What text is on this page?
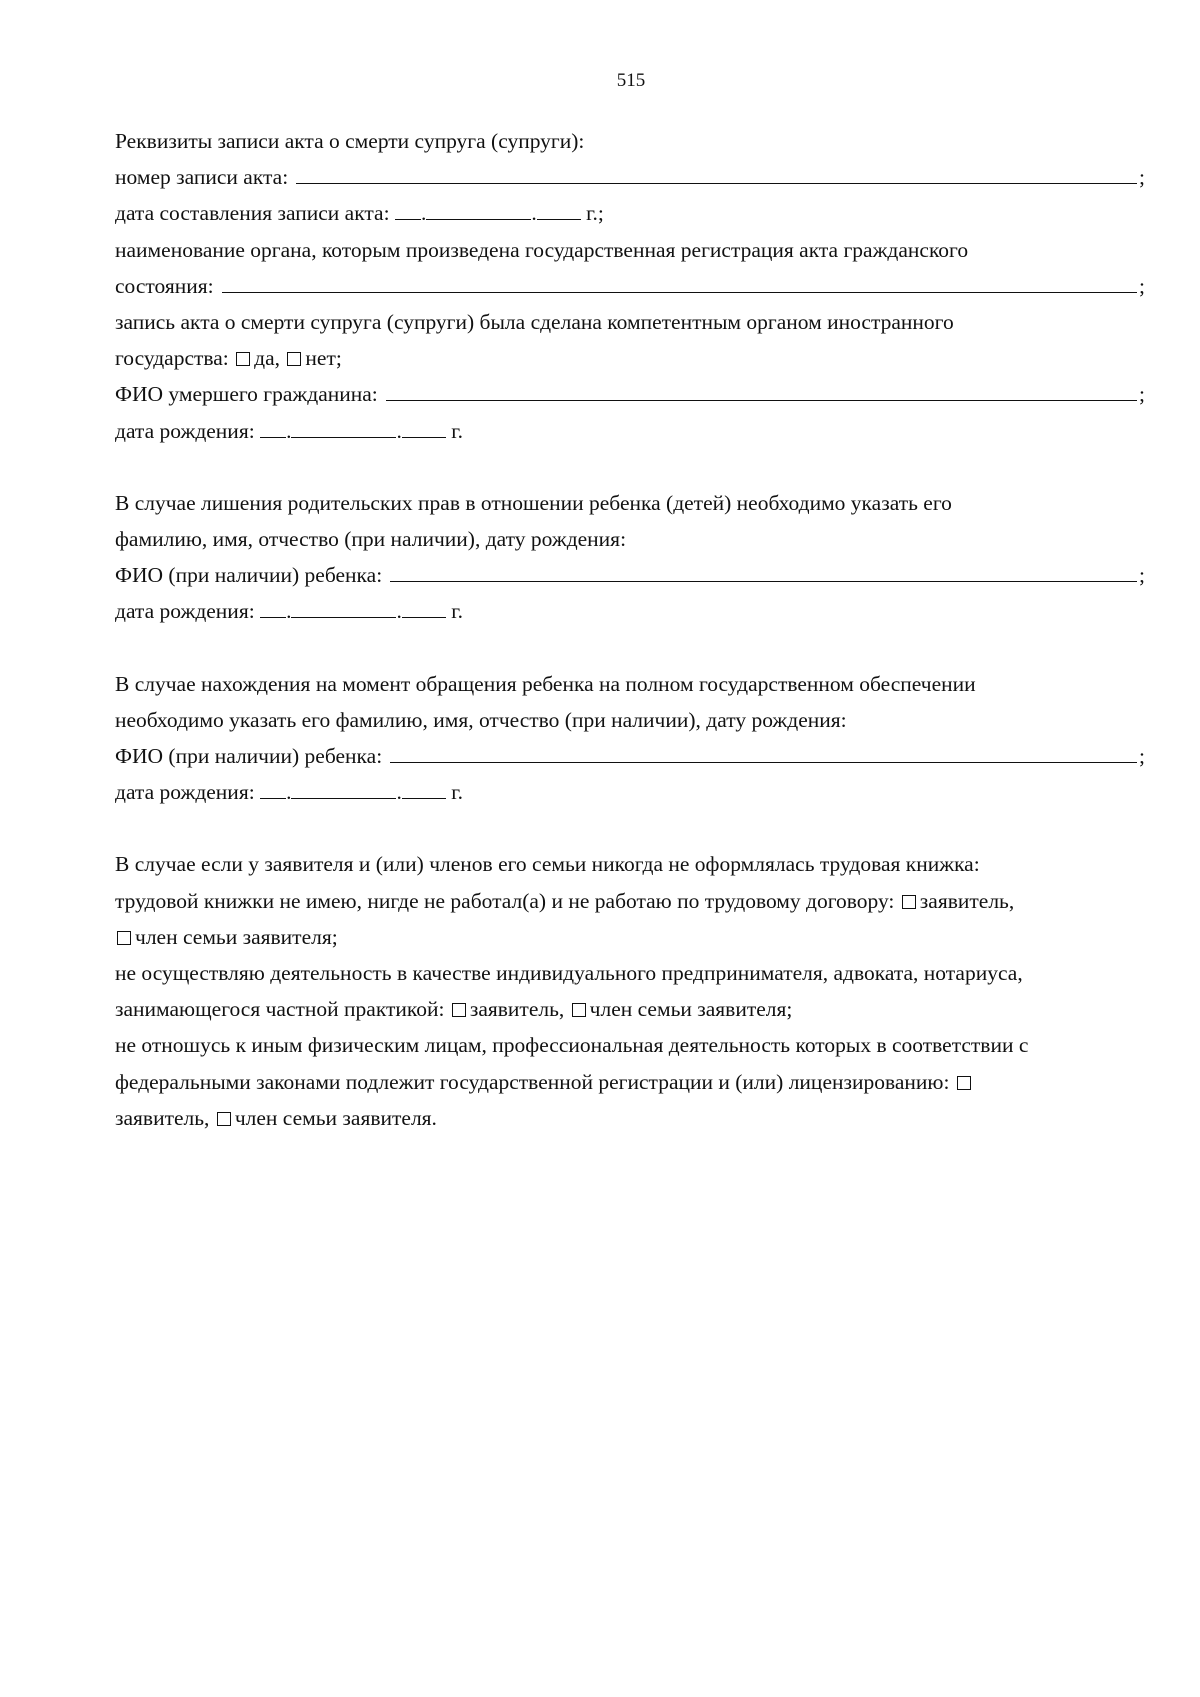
515
Реквизиты записи акта о смерти супруга (супруги):
номер записи акта:	;
дата составления записи акта: .	. г.;
наименование органа, которым произведена государственная регистрация акта гражданского
состояния:	;
запись акта о смерти супруга (супруги) была сделана компетентным органом иностранного
государства: да, нет;
ФИО умершего гражданина:	;
дата рождения: .	. г.
В случае лишения родительских прав в отношении ребенка (детей) необходимо указать его
фамилию, имя, отчество (при наличии), дату рождения:
ФИО (при наличии) ребенка:	;
дата рождения: .	. г.
В случае нахождения на момент обращения ребенка на полном государственном обеспечении
необходимо указать его фамилию, имя, отчество (при наличии), дату рождения:
ФИО (при наличии) ребенка:	;
дата рождения: .	. г.
В случае если у заявителя и (или) членов его семьи никогда не оформлялась трудовая книжка:
трудовой книжки не имею, нигде не работал(а) и не работаю по трудовому договору: заявитель,
член семьи заявителя;
не осуществляю деятельность в качестве индивидуального предпринимателя, адвоката, нотариуса,
занимающегося частной практикой: заявитель, член семьи заявителя;
не отношусь к иным физическим лицам, профессиональная деятельность которых в соответствии с
федеральными законами подлежит государственной регистрации и (или) лицензированию:
заявитель, член семьи заявителя.
